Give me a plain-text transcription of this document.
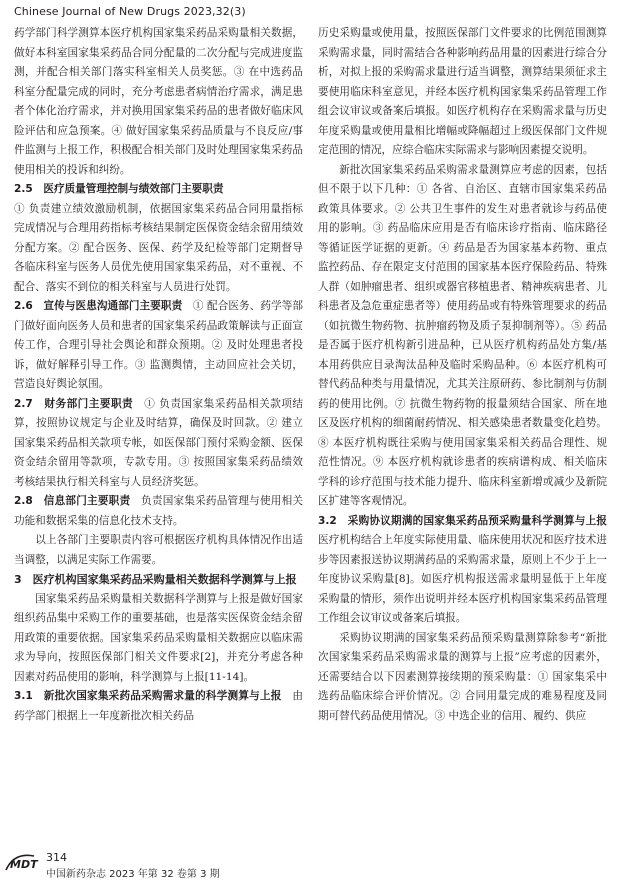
Chinese Journal of New Drugs 2023,32(3)

药学部门科学测算本医疗机构国家集采药品采购量相关数据，做好本科室国家集采药品合同分配量的二次分配与完成进度监测，并配合相关部门落实科室相关人员奖惩。③ 在中选药品科室分配量完成的同时，充分考虑患者病情治疗需求，满足患者个体化治疗需求，并对换用国家集采药品的患者做好临床风险评估和应急预案。④ 做好国家集采药品质量与不良反应/事件监测与上报工作，积极配合相关部门及时处理国家集采药品使用相关的投诉和纠纷。

2.5　医疗质量管理控制与绩效部门主要职责

① 负责建立绩效激励机制，依据国家集采药品合同用量指标完成情况与合理用药指标考核结果制定医保资金结余留用绩效分配方案。② 配合医务、医保、药学及纪检等部门定期督导各临床科室与医务人员优先使用国家集采药品，对不重视、不配合、落实不到位的相关科室与人员进行处罚。

2.6　宣传与医患沟通部门主要职责　 ① 配合医务、药学等部门做好面向医务人员和患者的国家集采药品政策解读与正面宣传工作，合理引导社会舆论和群众预期。② 及时处理患者投诉，做好解释引导工作。③ 监测舆情，主动回应社会关切，营造良好舆论氛围。

2.7　财务部门主要职责　 ① 负责国家集采药品相关款项结算，按照协议规定与企业及时结算，确保及时回款。② 建立国家集采药品相关款项专帐，如医保部门预付采购金额、医保资金结余留用等款项，专款专用。③ 按照国家集采药品绩效考核结果执行相关科室与人员经济奖惩。

2.8　信息部门主要职责　 负责国家集采药品管理与使用相关功能和数据采集的信息化技术支持。

以上各部门主要职责内容可根据医疗机构具体情况作出适当调整，以满足实际工作需要。

3　医疗机构国家集采药品采购量相关数据科学测算与上报

国家集采药品采购量相关数据科学测算与上报是做好国家组织药品集中采购工作的重要基础，也是落实医保资金结余留用政策的重要依据。国家集采药品采购量相关数据应以临床需求为导向，按照医保部门相关文件要求[2]，并充分考虑各种因素对药品使用的影响，科学测算与上报[11-14]。

3.1　新批次国家集采药品采购需求量的科学测算与上报　 由药学部门根据上一年度新批次相关药品

历史采购量或使用量，按照医保部门文件要求的比例范围测算采购需求量，同时需结合各种影响药品用量的因素进行综合分析，对拟上报的采购需求量进行适当调整，测算结果须征求主要使用临床科室意见，并经本医疗机构国家集采药品管理工作组会议审议或备案后填报。如医疗机构存在采购需求量与历史年度采购量或使用量相比增幅或降幅超过上级医保部门文件规定范围的情况，应综合临床实际需求与影响因素提交说明。

新批次国家集采药品采购需求量测算应考虑的因素，包括但不限于以下几种：① 各省、自治区、直辖市国家集采药品政策具体要求。② 公共卫生事件的发生对患者就诊与药品使用的影响。③ 药品临床应用是否有临床诊疗指南、临床路径等循证医学证据的更新。④ 药品是否为国家基本药物、重点监控药品、存在限定支付范围的国家基本医疗保险药品、特殊人群（如肿瘤患者、组织或器官移植患者、精神疾病患者、儿科患者及急危重症患者等）使用药品或有特殊管理要求的药品（如抗微生物药物、抗肿瘤药物及质子泵抑制剂等）。⑤ 药品是否属于医疗机构新引进品种，已从医疗机构药品处方集/基本用药供应目录淘汰品种及临时采购品种。⑥ 本医疗机构可替代药品种类与用量情况，尤其关注原研药、参比制剂与仿制药的使用比例。⑦ 抗微生物药物的报量须结合国家、所在地区及医疗机构的细菌耐药情况、相关感染患者数量变化趋势。⑧ 本医疗机构既往采购与使用国家集采相关药品合理性、规范性情况。⑨ 本医疗机构就诊患者的疾病谱构成、相关临床学科的诊疗范围与技术能力提升、临床科室新增或减少及新院区扩建等客观情况。

3.2　采购协议期满的国家集采药品预采购量科学测算与上报　医疗机构结合上年度实际使用量、临床使用状况和医疗技术进步等因素报送协议期满药品的采购需求量，原则上不少于上一年度协议采购量[8]。如医疗机构报送需求量明显低于上年度采购量的情形，须作出说明并经本医疗机构国家集采药品管理工作组会议审议或备案后填报。

采购协议期满的国家集采药品预采购量测算除参考“新批次国家集采药品采购需求量的测算与上报”应考虑的因素外，还需要结合以下因素测算接续期的预采购量：① 国家集采中选药品临床综合评价情况。② 合同用量完成的难易程度及同期可替代药品使用情况。③ 中选企业的信用、履约、供应

MDT
314
中国新药杂志 2023 年第 32 卷第 3 期
